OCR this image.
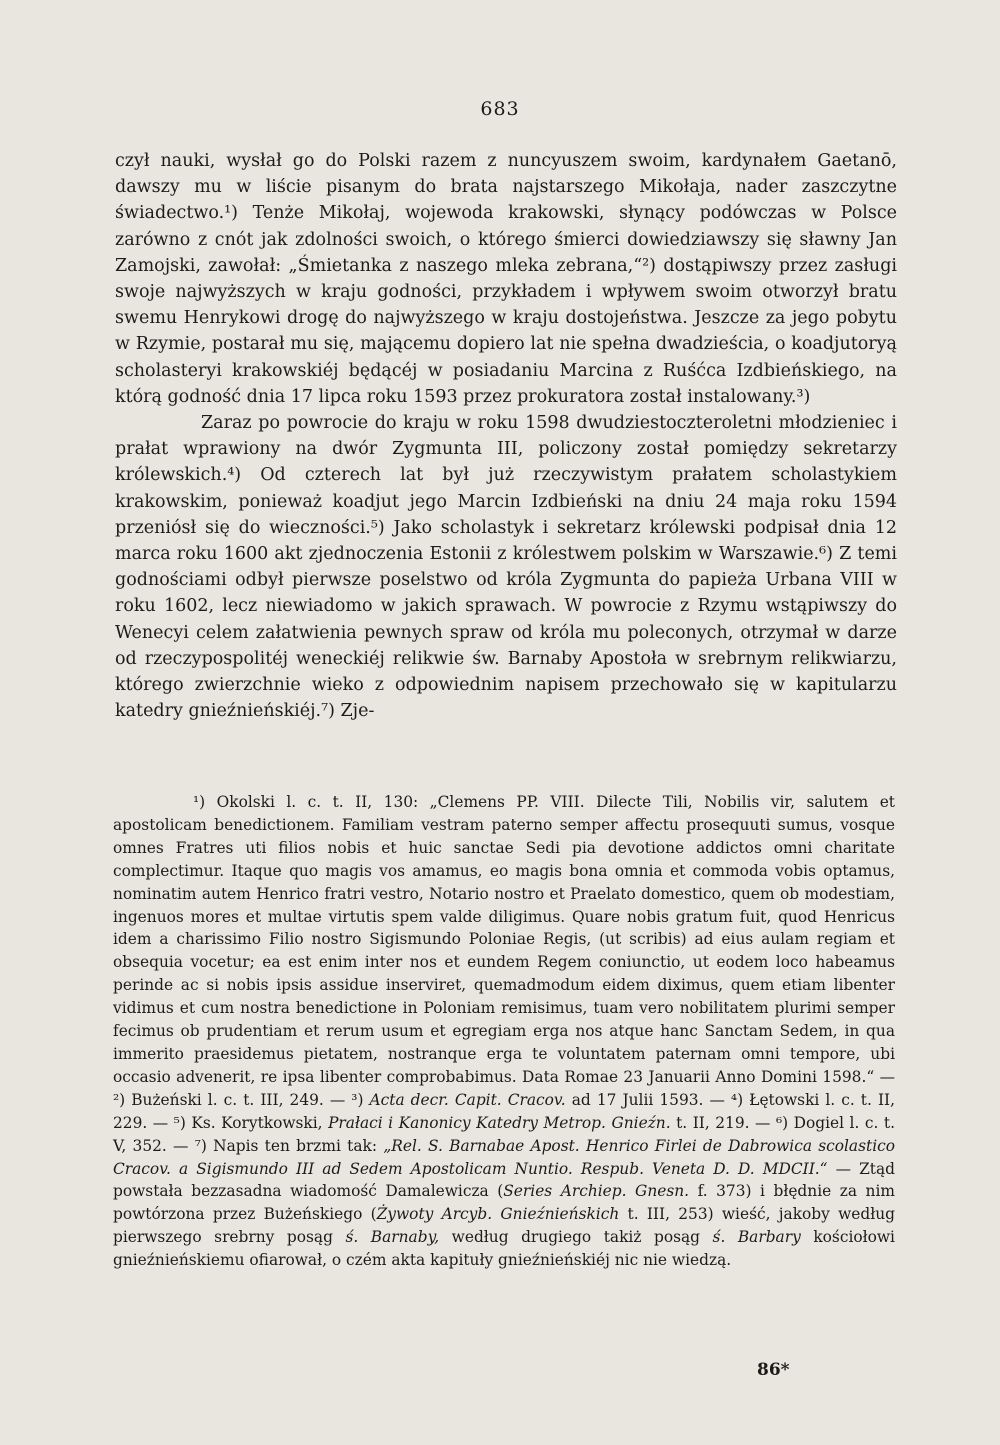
683

czył nauki, wysłał go do Polski razem z nuncyuszem swoim, kardynałem Gaetanō, dawszy mu w liście pisanym do brata najstarszego Mikołaja, nader zaszczytne świadectwo.¹) Tenże Mikołaj, wojewoda krakowski, słynący podówczas w Polsce zarówno z cnót jak zdolności swoich, o którego śmierci dowiedziawszy się sławny Jan Zamojski, zawołał: „Śmietanka z naszego mleka zebrana,“²) dostąpiwszy przez zasługi swoje najwyższych w kraju godności, przykładem i wpływem swoim otworzył bratu swemu Henrykowi drogę do najwyższego w kraju dostojeństwa. Jeszcze za jego pobytu w Rzymie, postarał mu się, mającemu dopiero lat nie spełna dwadzieścia, o koadjutoryą scholasteryi krakowskiéj będącéj w posiadaniu Marcina z Ruśćca Izdbieńskiego, na którą godność dnia 17 lipca roku 1593 przez prokuratora został instalowany.³)

Zaraz po powrocie do kraju w roku 1598 dwudziestoczteroletni młodzieniec i prałat wprawiony na dwór Zygmunta III, policzony został pomiędzy sekretarzy królewskich.⁴) Od czterech lat był już rzeczywistym prałatem scholastykiem krakowskim, ponieważ koadjut jego Marcin Izdbieński na dniu 24 maja roku 1594 przeniósł się do wieczności.⁵) Jako scholastyk i sekretarz królewski podpisał dnia 12 marca roku 1600 akt zjednoczenia Estonii z królestwem polskim w Warszawie.⁶) Z temi godnościami odbył pierwsze poselstwo od króla Zygmunta do papieża Urbana VIII w roku 1602, lecz niewiadomo w jakich sprawach. W powrocie z Rzymu wstąpiwszy do Wenecyi celem załatwienia pewnych spraw od króla mu poleconych, otrzymał w darze od rzeczypospolitéj weneckiéj relikwie św. Barnaby Apostoła w srebrnym relikwiarzu, którego zwierzchnie wieko z odpowiednim napisem przechowało się w kapitularzu katedry gnieźnieńskiéj.⁷) Zje-

¹) Okolski l. c. t. II, 130: „Clemens PP. VIII. Dilecte Tili, Nobilis vir, salutem et apostolicam benedictionem. Familiam vestram paterno semper affectu prosequuti sumus, vosque omnes Fratres uti filios nobis et huic sanctae Sedi pia devotione addictos omni charitate complectimur. Itaque quo magis vos amamus, eo magis bona omnia et commoda vobis optamus, nominatim autem Henrico fratri vestro, Notario nostro et Praelato domestico, quem ob modestiam, ingenuos mores et multae virtutis spem valde diligimus. Quare nobis gratum fuit, quod Henricus idem a charissimo Filio nostro Sigismundo Poloniae Regis, (ut scribis) ad eius aulam regiam et obsequia vocetur; ea est enim inter nos et eundem Regem coniunctio, ut eodem loco habeamus perinde ac si nobis ipsis assidue inserviret, quemadmodum eidem diximus, quem etiam libenter vidimus et cum nostra benedictione in Poloniam remisimus, tuam vero nobilitatem plurimi semper fecimus ob prudentiam et rerum usum et egregiam erga nos atque hanc Sanctam Sedem, in qua immerito praesidemus pietatem, nostranque erga te voluntatem paternam omni tempore, ubi occasio advenerit, re ipsa libenter comprobabimus. Data Romae 23 Januarii Anno Domini 1598.“ — ²) Bużeński l. c. t. III, 249. — ³) Acta decr. Capit. Cracov. ad 17 Julii 1593. — ⁴) Łętowski l. c. t. II, 229. — ⁵) Ks. Korytkowski, Prałaci i Kanonicy Katedry Metrop. Gnieźn. t. II, 219. — ⁶) Dogiel l. c. t. V, 352. — ⁷) Napis ten brzmi tak: „Rel. S. Barnabae Apost. Henrico Firlei de Dabrowica scolastico Cracov. a Sigismundo III ad Sedem Apostolicam Nuntio. Respub. Veneta D. D. MDCII.“ — Ztąd powstała bezzasadna wiadomość Damalewicza (Series Archiep. Gnesn. f. 373) i błędnie za nim powtórzona przez Bużeńskiego (Żywoty Arcyb. Gnieźnieńskich t. III, 253) wieść, jakoby według pierwszego srebrny posąg ś. Barnaby, według drugiego takiż posąg ś. Barbary kościołowi gnieźnieńskiemu ofiarował, o czém akta kapituły gnieźnieńskiéj nic nie wiedzą.

86*
